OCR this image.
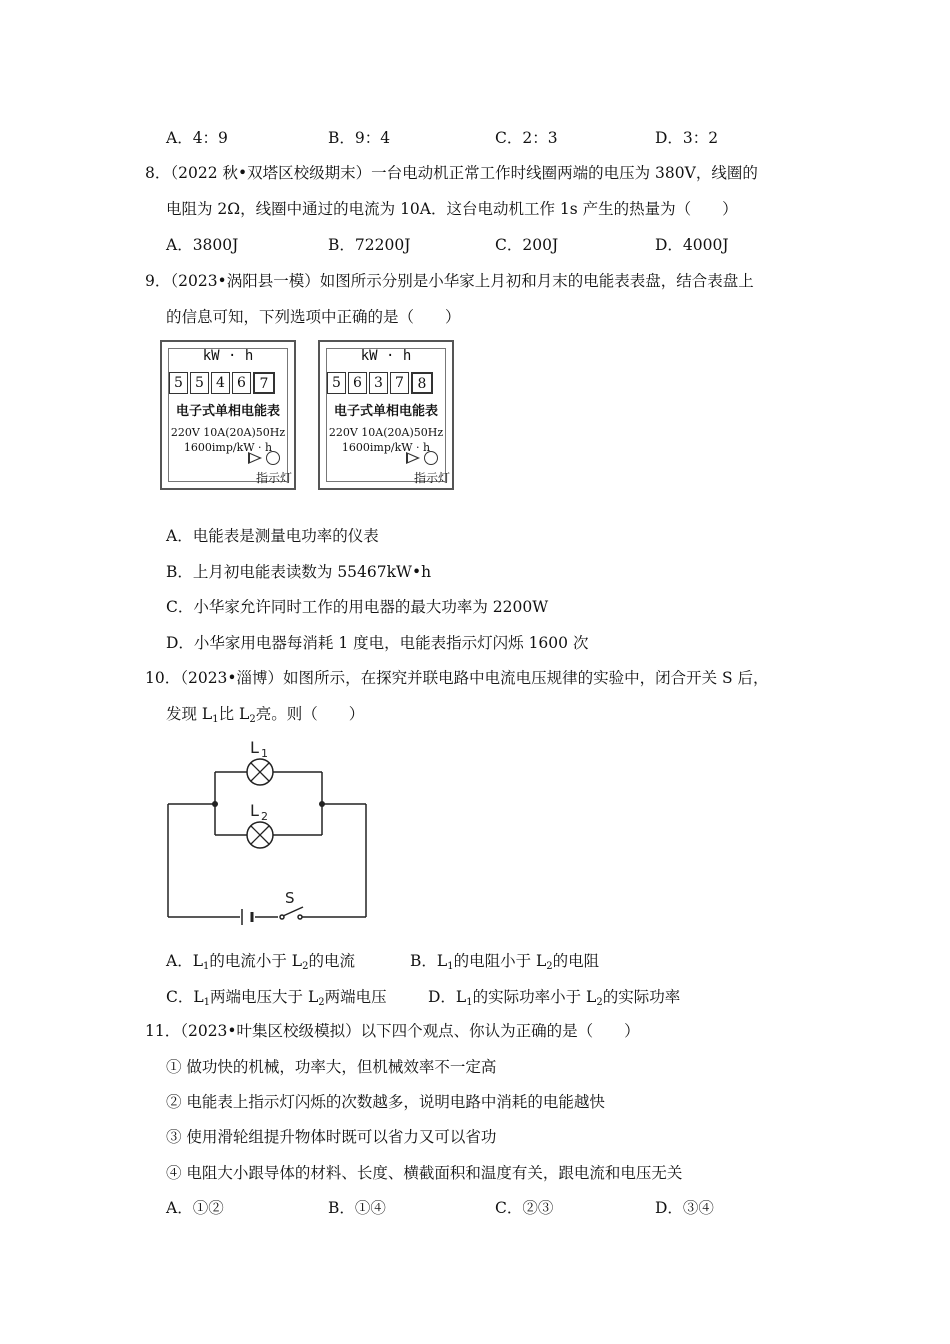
A．4：9	B．9：4	C．2：3	D．3：2
8．（2022 秋•双塔区校级期末）一台电动机正常工作时线圈两端的电压为 380V，线圈的
电阻为 2Ω，线圈中通过的电流为 10A．这台电动机工作 1s 产生的热量为（　　）
A．3800J	B．72200J	C．200J	D．4000J
9．（2023•涡阳县一模）如图所示分别是小华家上月初和月末的电能表表盘，结合表盘上
的信息可知，下列选项中正确的是（　　）
kW · h
5 5 4 6 7
电子式单相电能表
220V 10A(20A)50Hz
1600imp/kW · h
指示灯
kW · h
5 6 3 7 8
电子式单相电能表
220V 10A(20A)50Hz
1600imp/kW · h
指示灯
A．电能表是测量电功率的仪表
B．上月初电能表读数为 55467kW•h
C．小华家允许同时工作的用电器的最大功率为 2200W
D．小华家用电器每消耗 1 度电，电能表指示灯闪烁 1600 次
10．（2023•淄博）如图所示，在探究并联电路中电流电压规律的实验中，闭合开关 S 后，
发现 $L_1$比 $L_2$亮。则（　　）
L 1
L 2
S
A．$L_1$的电流小于 $L_2$的电流	B．$L_1$的电阻小于 $L_2$的电阻
C．$L_1$两端电压大于 $L_2$两端电压	D．$L_1$的实际功率小于 $L_2$的实际功率
11．（2023•叶集区校级模拟）以下四个观点、你认为正确的是（　　）
① 做功快的机械，功率大，但机械效率不一定高
② 电能表上指示灯闪烁的次数越多，说明电路中消耗的电能越快
③ 使用滑轮组提升物体时既可以省力又可以省功
④ 电阻大小跟导体的材料、长度、横截面积和温度有关，跟电流和电压无关
A．①②	B．①④	C．②③	D．③④
